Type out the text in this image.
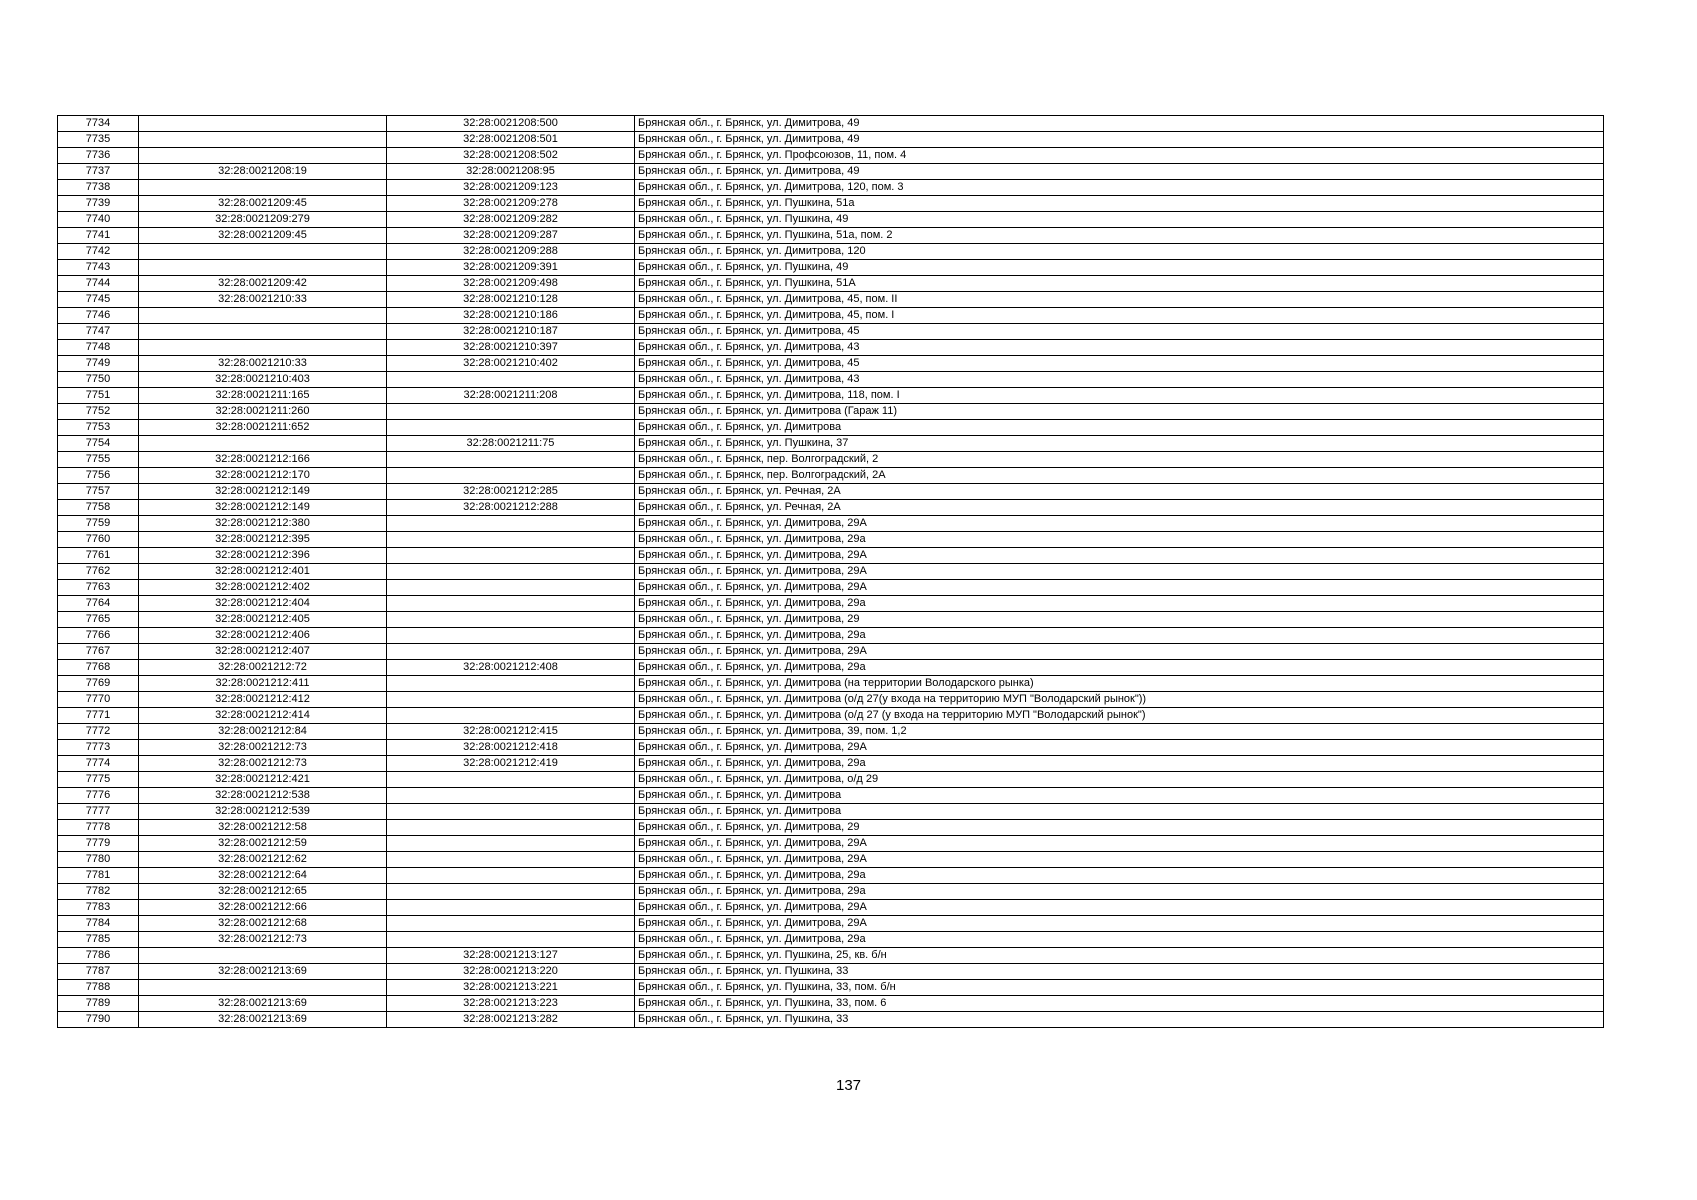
7734		32:28:0021208:500	Брянская обл., г. Брянск, ул. Димитрова, 49
7735		32:28:0021208:501	Брянская обл., г. Брянск, ул. Димитрова, 49
7736		32:28:0021208:502	Брянская обл., г. Брянск, ул. Профсоюзов, 11, пом. 4
7737	32:28:0021208:19	32:28:0021208:95	Брянская обл., г. Брянск, ул. Димитрова, 49
7738		32:28:0021209:123	Брянская обл., г. Брянск, ул. Димитрова, 120, пом. 3
7739	32:28:0021209:45	32:28:0021209:278	Брянская обл., г. Брянск, ул. Пушкина, 51а
7740	32:28:0021209:279	32:28:0021209:282	Брянская обл., г. Брянск, ул. Пушкина, 49
7741	32:28:0021209:45	32:28:0021209:287	Брянская обл., г. Брянск, ул. Пушкина, 51а, пом. 2
7742		32:28:0021209:288	Брянская обл., г. Брянск, ул. Димитрова, 120
7743		32:28:0021209:391	Брянская обл., г. Брянск, ул. Пушкина, 49
7744	32:28:0021209:42	32:28:0021209:498	Брянская обл., г. Брянск, ул. Пушкина, 51А
7745	32:28:0021210:33	32:28:0021210:128	Брянская обл., г. Брянск, ул. Димитрова, 45, пом. II
7746		32:28:0021210:186	Брянская обл., г. Брянск, ул. Димитрова, 45, пом. I
7747		32:28:0021210:187	Брянская обл., г. Брянск, ул. Димитрова, 45
7748		32:28:0021210:397	Брянская обл., г. Брянск, ул. Димитрова, 43
7749	32:28:0021210:33	32:28:0021210:402	Брянская обл., г. Брянск, ул. Димитрова, 45
7750	32:28:0021210:403		Брянская обл., г. Брянск, ул. Димитрова, 43
7751	32:28:0021211:165	32:28:0021211:208	Брянская обл., г. Брянск, ул. Димитрова, 118, пом. I
7752	32:28:0021211:260		Брянская обл., г. Брянск, ул. Димитрова (Гараж 11)
7753	32:28:0021211:652		Брянская обл., г. Брянск, ул. Димитрова
7754		32:28:0021211:75	Брянская обл., г. Брянск, ул. Пушкина, 37
7755	32:28:0021212:166		Брянская обл., г. Брянск, пер. Волгоградский, 2
7756	32:28:0021212:170		Брянская обл., г. Брянск, пер. Волгоградский, 2А
7757	32:28:0021212:149	32:28:0021212:285	Брянская обл., г. Брянск, ул. Речная, 2А
7758	32:28:0021212:149	32:28:0021212:288	Брянская обл., г. Брянск, ул. Речная, 2А
7759	32:28:0021212:380		Брянская обл., г. Брянск, ул. Димитрова, 29А
7760	32:28:0021212:395		Брянская обл., г. Брянск, ул. Димитрова, 29а
7761	32:28:0021212:396		Брянская обл., г. Брянск, ул. Димитрова, 29А
7762	32:28:0021212:401		Брянская обл., г. Брянск, ул. Димитрова, 29А
7763	32:28:0021212:402		Брянская обл., г. Брянск, ул. Димитрова, 29А
7764	32:28:0021212:404		Брянская обл., г. Брянск, ул. Димитрова, 29а
7765	32:28:0021212:405		Брянская обл., г. Брянск, ул. Димитрова, 29
7766	32:28:0021212:406		Брянская обл., г. Брянск, ул. Димитрова, 29а
7767	32:28:0021212:407		Брянская обл., г. Брянск, ул. Димитрова, 29А
7768	32:28:0021212:72	32:28:0021212:408	Брянская обл., г. Брянск, ул. Димитрова, 29а
7769	32:28:0021212:411		Брянская обл., г. Брянск, ул. Димитрова (на территории Володарского рынка)
7770	32:28:0021212:412		Брянская обл., г. Брянск, ул. Димитрова (о/д 27(у входа на территорию МУП "Володарский рынок"))
7771	32:28:0021212:414		Брянская обл., г. Брянск, ул. Димитрова (о/д 27 (у входа на территорию МУП "Володарский рынок")
7772	32:28:0021212:84	32:28:0021212:415	Брянская обл., г. Брянск, ул. Димитрова, 39, пом. 1,2
7773	32:28:0021212:73	32:28:0021212:418	Брянская обл., г. Брянск, ул. Димитрова, 29А
7774	32:28:0021212:73	32:28:0021212:419	Брянская обл., г. Брянск, ул. Димитрова, 29а
7775	32:28:0021212:421		Брянская обл., г. Брянск, ул. Димитрова, о/д 29
7776	32:28:0021212:538		Брянская обл., г. Брянск, ул. Димитрова
7777	32:28:0021212:539		Брянская обл., г. Брянск, ул. Димитрова
7778	32:28:0021212:58		Брянская обл., г. Брянск, ул. Димитрова, 29
7779	32:28:0021212:59		Брянская обл., г. Брянск, ул. Димитрова, 29А
7780	32:28:0021212:62		Брянская обл., г. Брянск, ул. Димитрова, 29А
7781	32:28:0021212:64		Брянская обл., г. Брянск, ул. Димитрова, 29а
7782	32:28:0021212:65		Брянская обл., г. Брянск, ул. Димитрова, 29а
7783	32:28:0021212:66		Брянская обл., г. Брянск, ул. Димитрова, 29А
7784	32:28:0021212:68		Брянская обл., г. Брянск, ул. Димитрова, 29А
7785	32:28:0021212:73		Брянская обл., г. Брянск, ул. Димитрова, 29а
7786		32:28:0021213:127	Брянская обл., г. Брянск, ул. Пушкина, 25, кв. б/н
7787	32:28:0021213:69	32:28:0021213:220	Брянская обл., г. Брянск, ул. Пушкина, 33
7788		32:28:0021213:221	Брянская обл., г. Брянск, ул. Пушкина, 33, пом. б/н
7789	32:28:0021213:69	32:28:0021213:223	Брянская обл., г. Брянск, ул. Пушкина, 33, пом. 6
7790	32:28:0021213:69	32:28:0021213:282	Брянская обл., г. Брянск, ул. Пушкина, 33
137
